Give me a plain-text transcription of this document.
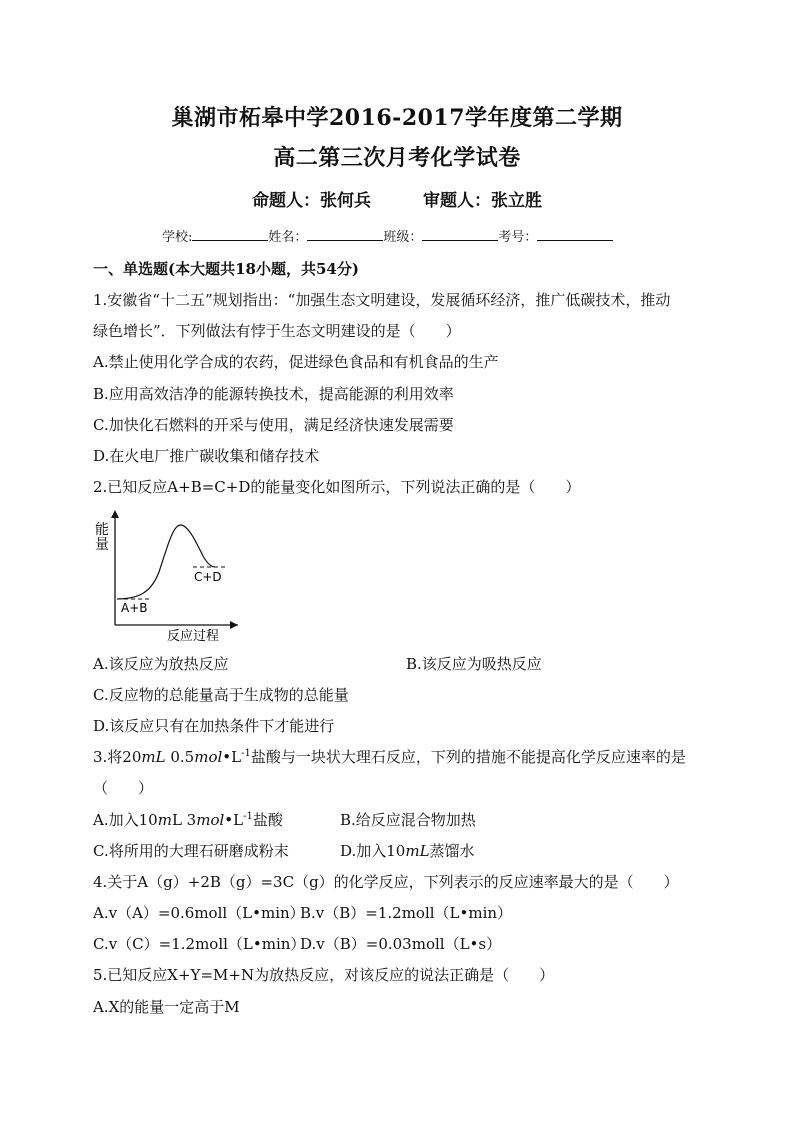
巢湖市柘皋中学2016-2017学年度第二学期
高二第三次月考化学试卷
命题人：张何兵	审题人：张立胜
学校:	姓名：	班级：	考号：
一、单选题(本大题共18小题，共54分)
1.安徽省“十二五”规划指出：“加强生态文明建设，发展循环经济，推广低碳技术，推动
绿色增长”．下列做法有悖于生态文明建设的是（　　）
A.禁止使用化学合成的农药，促进绿色食品和有机食品的生产
B.应用高效洁净的能源转换技术，提高能源的利用效率
C.加快化石燃料的开采与使用，满足经济快速发展需要
D.在火电厂推广碳收集和储存技术
2.已知反应A+B=C+D的能量变化如图所示，下列说法正确的是（　　）
能
量
A+B
C+D
反应过程
A.该反应为放热反应	B.该反应为吸热反应
C.反应物的总能量高于生成物的总能量
D.该反应只有在加热条件下才能进行
3.将20mL $0.5mol•L^{-1}$盐酸与一块状大理石反应，下列的措施不能提高化学反应速率的是
（　　）
A.加入10mL $3mol•L^{-1}$盐酸	B.给反应混合物加热
C.将所用的大理石研磨成粉末	D.加入10mL蒸馏水
4.关于A（g）+2B（g）=3C（g）的化学反应，下列表示的反应速率最大的是（　　）
A.v（A）=0.6moll（L•min）
B.v（B）=1.2moll（L•min）
C.v（C）=1.2moll（L•min）
D.v（B）=0.03moll（L•s）
5.已知反应X+Y=M+N为放热反应，对该反应的说法正确是（　　）
A.X的能量一定高于M
